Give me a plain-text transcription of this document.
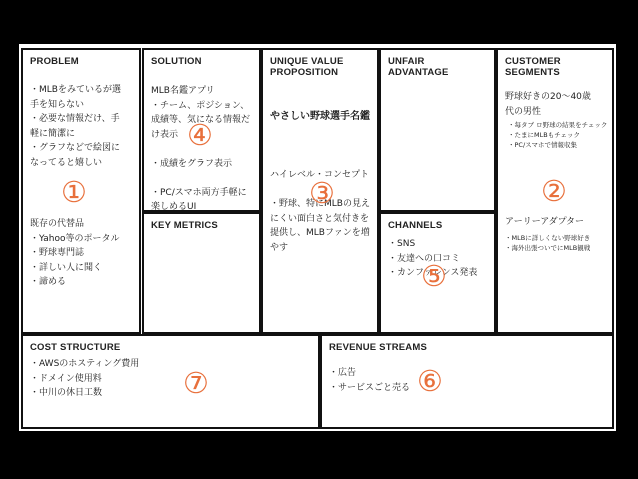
PROBLEM
・MLBをみているが選
手を知らない
・必要な情報だけ、手
軽に簡潔に
・グラフなどで絵図に
なってると嬉しい
①
既存の代替品
・Yahoo等のポータル
・野球専門誌
・詳しい人に聞く
・諦める
SOLUTION
MLB名鑑アプリ
・チーム、ポジション、
成績等、気になる情報だ
け表示

・成績をグラフ表示

・PC/スマホ両方手軽に
楽しめるUI
④
KEY METRICS
UNIQUE VALUE
PROPOSITION
やさしい野球選手名鑑
ハイレベル・コンセプト

・野球、特にMLBの見え
にくい面白さと気付きを
提供し、MLBファンを増
やす
③
UNFAIR
ADVANTAGE
CHANNELS
・SNS
・友達への口コミ
・カンファレンス発表
⑤
CUSTOMER
SEGMENTS
野球好きの20〜40歳
代の男性
・每タブ ロ野球の結果をチェック
・たまにMLBもチェック
・PC/スマホで情報収集
②
アーリーアダプター
・MLBに詳しくない野球好き
・海外出張ついでにMLB観戦
COST STRUCTURE
・AWSのホスティング費用
・ドメイン使用料
・中川の休日工数	⑦
REVENUE STREAMS
・広告
・サービスごと売る ⑥
